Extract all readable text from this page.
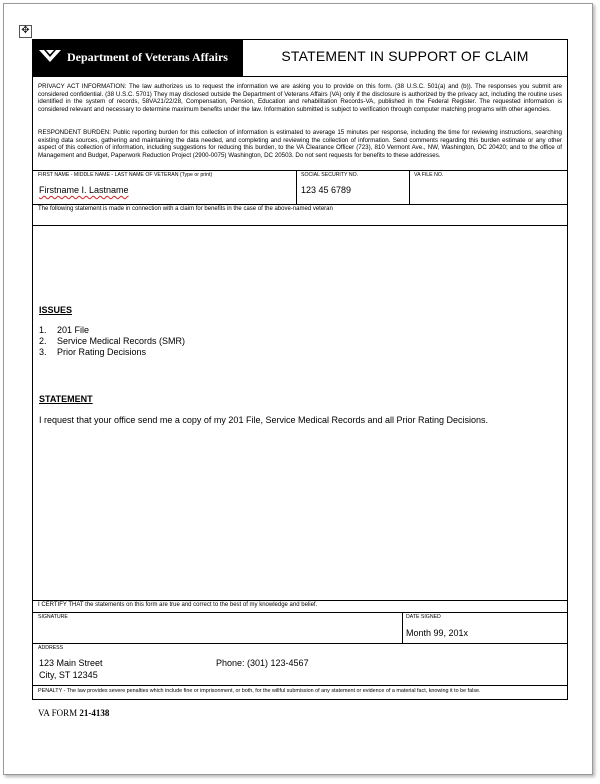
✥
Department of Veterans Affairs	STATEMENT IN SUPPORT OF CLAIM
PRIVACY ACT INFORMATION: The law authorizes us to request the information we are asking you to provide on this form. (38 U.S.C. 501(a) and (b)). The responses you submit are considered confidential. (38 U.S.C. 5701) They may disclosed outside the Department of Veterans Affairs (VA) only if the disclosure is authorized by the privacy act, including the routine uses identified in the system of records, 58VA21/22/28, Compensation, Pension, Education and rehabilitation Records-VA, published in the Federal Register. The requested information is considered relevant and necessary to determine maximum benefits under the law. Information submitted is subject to verification through computer matching programs with other agencies.
RESPONDENT BURDEN: Public reporting burden for this collection of information is estimated to average 15 minutes per response, including the time for reviewing instructions, searching existing data sources, gathering and maintaining the data needed, and completing and reviewing the collection of information. Send comments regarding this burden estimate or any other aspect of this collection of information, including suggestions for reducing this burden, to the VA Clearance Officer (723), 810 Vermont Ave., NW, Washington, DC 20420; and to the office of Management and Budget, Paperwork Reduction Project (2900-0075) Washington, DC 20503. Do not sent requests for benefits to these addresses.
FIRST NAME - MIDDLE NAME - LAST NAME OF VETERAN (Type or print)
Firstname I. Lastname
SOCIAL SECURITY NO.
123 45 6789
VA FILE NO.
The following statement is made in connection with a claim for benefits in the case of the above-named veteran
ISSUES
1. 201 File
2. Service Medical Records (SMR)
3. Prior Rating Decisions
STATEMENT
I request that your office send me a copy of my 201 File, Service Medical Records and all Prior Rating Decisions.
I CERTIFY THAT the statements on this form are true and correct to the best of my knowledge and belief.
SIGNATURE	DATE SIGNED
Month 99, 201x
ADDRESS
123 Main Street
City, ST 12345
Phone: (301) 123-4567
PENALTY - The law provides severe penalties which include fine or imprisonment, or both, for the willful submission of any statement or evidence of a material fact, knowing it to be false.
VA FORM 21-4138
